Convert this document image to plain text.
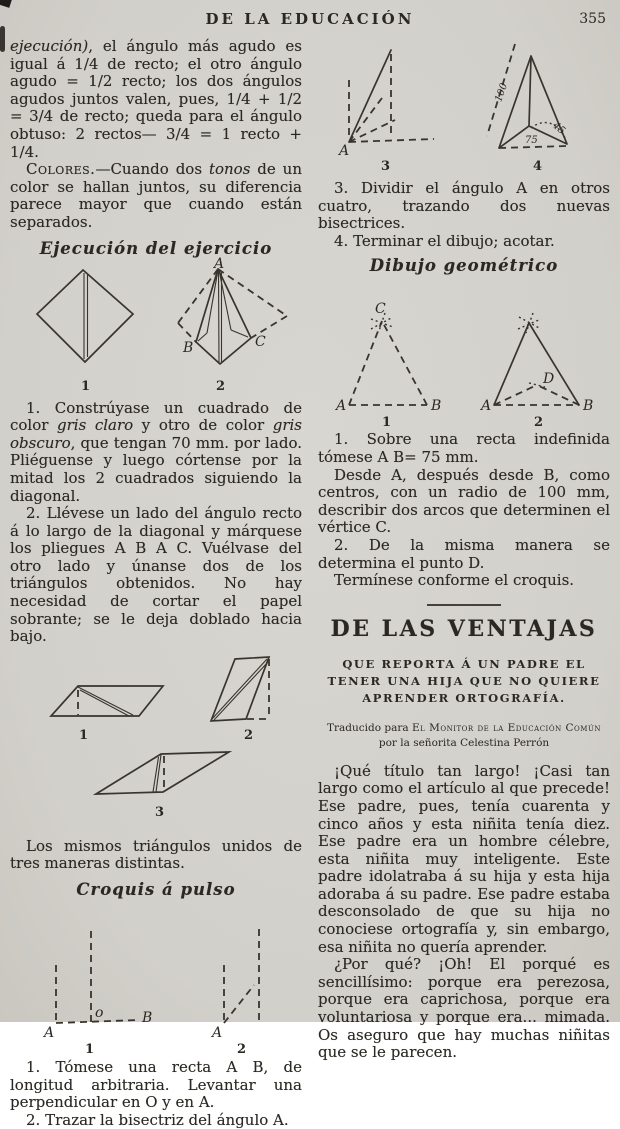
DE LA EDUCACIÓN	355

ejecución), el ángulo más agudo es igual á 1/4 de recto; el otro ángulo agudo = 1/2 recto; los dos ángulos agudos juntos valen, pues, 1/4 + 1/2 = 3/4 de recto; queda para el ángulo obtuso: 2 rectos— 3/4 = 1 recto + 1/4.

Colores.—Cuando dos tonos de un color se hallan juntos, su diferencia parece mayor que cuando están separados.

Ejecución del ejercicio
A
B	C
1	2

1. Constrúyase un cuadrado de color gris claro y otro de color gris obscuro, que tengan 70 mm. por lado. Pliéguense y luego córtense por la mitad los 2 cuadrados siguiendo la diagonal.

2. Llévese un lado del ángulo recto á lo largo de la diagonal y márquese los pliegues A B A C. Vuélvase del otro lado y únanse dos de los triángulos obtenidos. No hay necesidad de cortar el papel sobrante; se le deja doblado hacia bajo.

1	2
3

Los mismos triángulos unidos de tres maneras distintas.

Croquis á pulso
A
o	B
1
A
2

1. Tómese una recta A B, de longitud arbitraria. Levantar una perpendicular en O y en A.

2. Trazar la bisectriz del ángulo A.

A
3
100
75
45
4

3. Dividir el ángulo A en otros cuatro, trazando dos nuevas bisectrices.

4. Terminar el dibujo; acotar.

Dibujo geométrico
C
A	B
1
D
A	B
2

1. Sobre una recta indefinida tómese A B= 75 mm.

Desde A, después desde B, como centros, con un radio de 100 mm, describir dos arcos que determinen el vértice C.

2. De la misma manera se determina el punto D.

Termínese conforme el croquis.

DE LAS VENTAJAS
QUE REPORTA Á UN PADRE EL TENER UNA HIJA QUE NO QUIERE APRENDER ORTOGRAFÍA.
Traducido para El Monitor de la Educación Común
por la señorita Celestina Perrón

¡Qué título tan largo! ¡Casi tan largo como el artículo al que precede! Ese padre, pues, tenía cuarenta y cinco años y esta niñita tenía diez. Ese padre era un hombre célebre, esta niñita muy inteligente. Este padre idolatraba á su hija y esta hija adoraba á su padre. Ese padre estaba desconsolado de que su hija no conociese ortografía y, sin embargo, esa niñita no quería aprender.

¿Por qué? ¡Oh! El porqué es sencillísimo: porque era perezosa, porque era caprichosa, porque era voluntariosa y porque era... mimada. Os aseguro que hay muchas niñitas que se le parecen.
